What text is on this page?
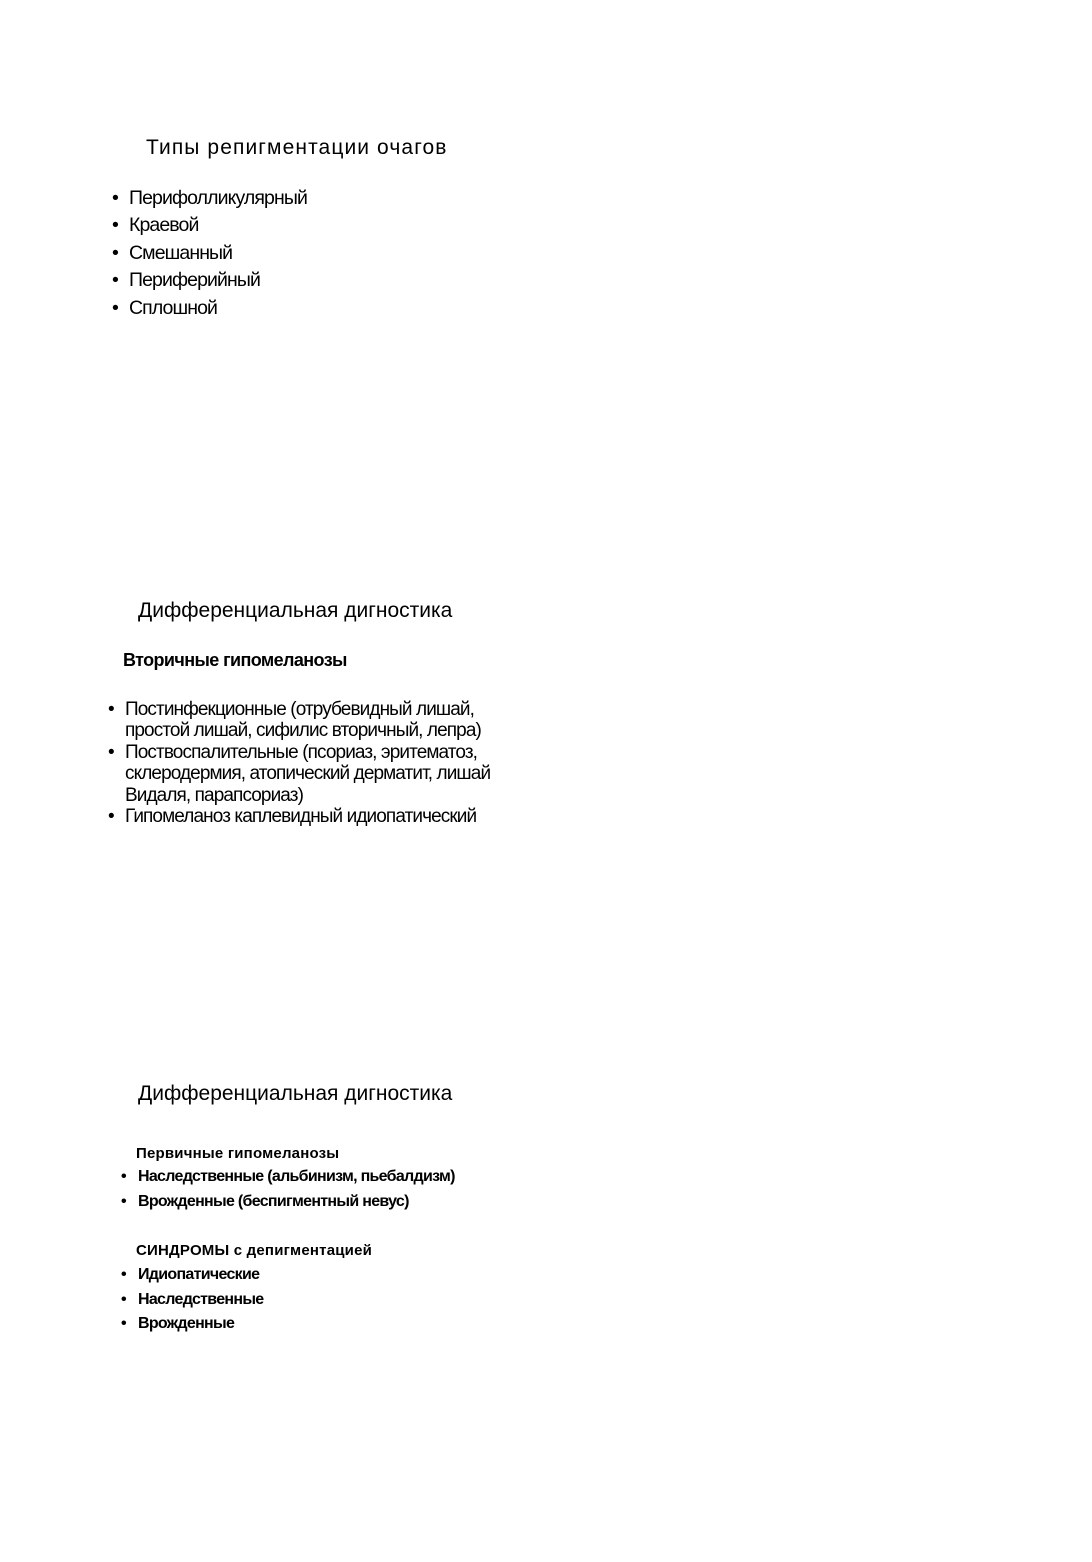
Типы репигментации очагов
• Перифолликулярный
• Краевой
• Смешанный
• Периферийный
• Сплошной
Дифференциальная дигностика
Вторичные гипомеланозы
• Постинфекционные (отрубевидный лишай, простой лишай, сифилис вторичный, лепра)
• Поствоспалительные (псориаз, эритематоз, склеродермия, атопический дерматит, лишай Видаля, парапсориаз)
• Гипомеланоз каплевидный идиопатический
Дифференциальная дигностика
Первичные гипомеланозы
• Наследственные (альбинизм, пьебалдизм)
• Врожденные (беспигментный невус)
СИНДРОМЫ с депигментацией
• Идиопатические
• Наследственные
• Врожденные
